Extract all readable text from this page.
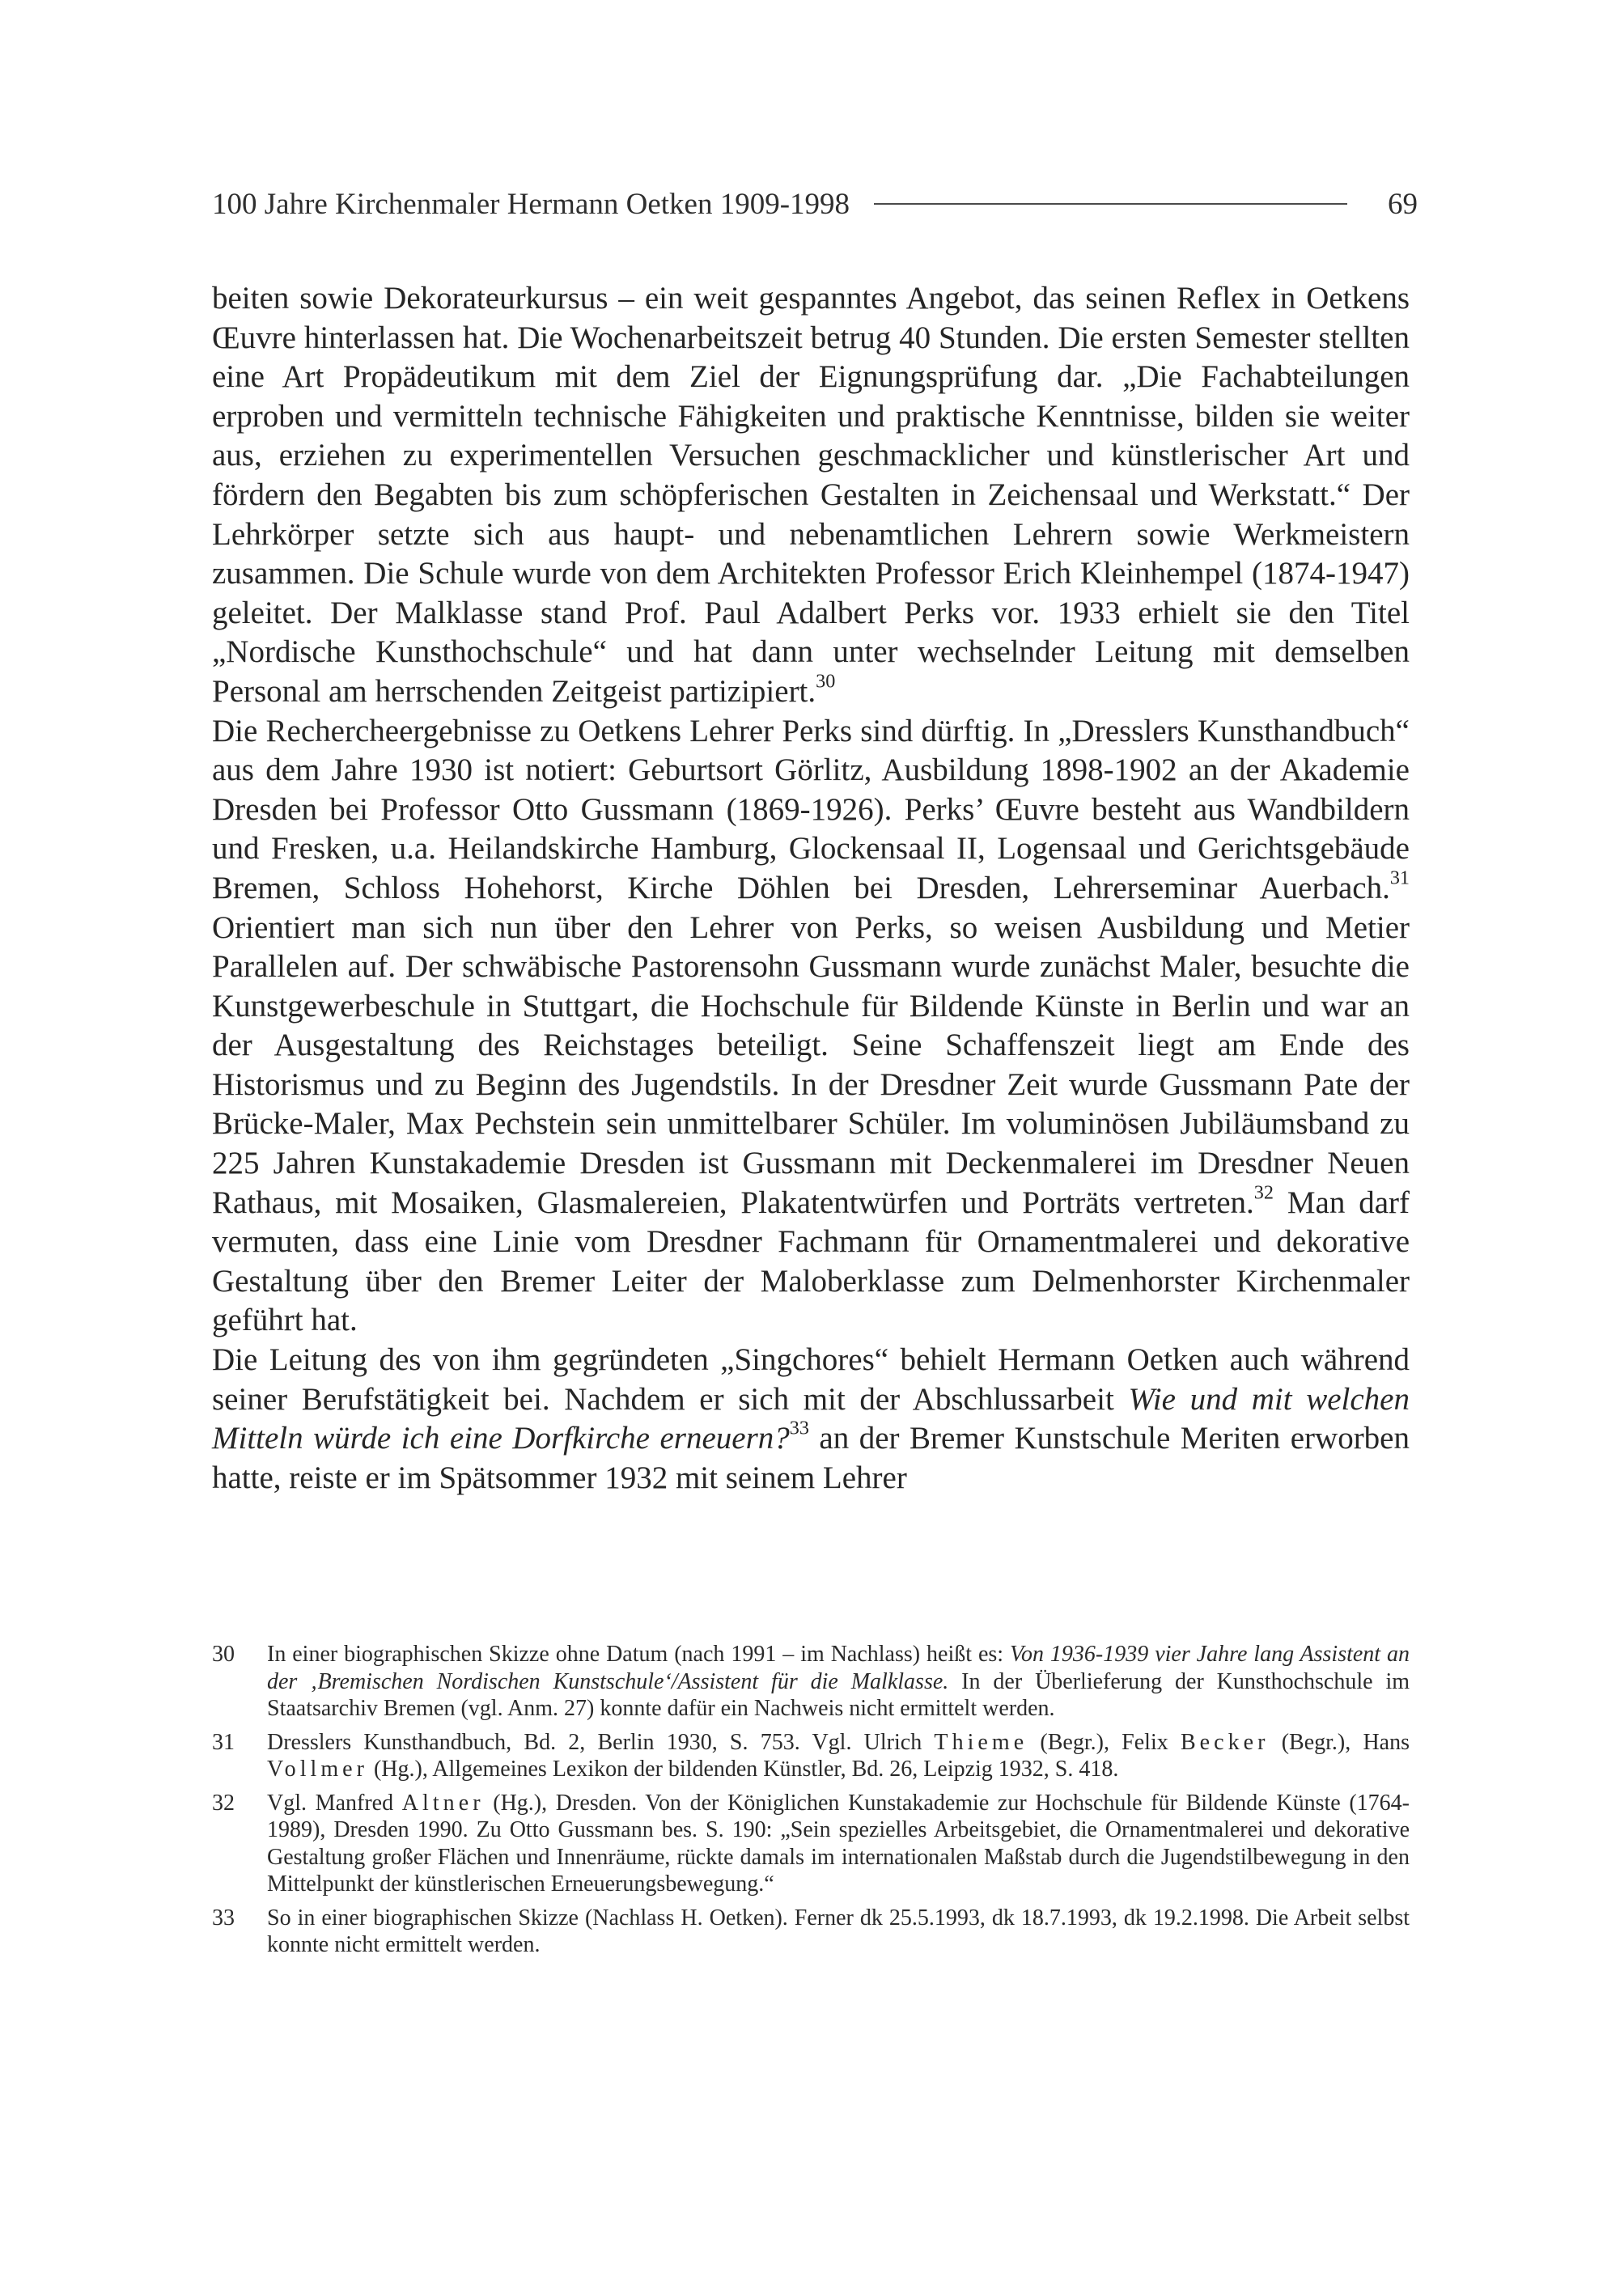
100 Jahre Kirchenmaler Hermann Oetken 1909-1998	69

beiten sowie Dekorateurkursus – ein weit gespanntes Angebot, das seinen Reflex in Oetkens Œuvre hinterlassen hat. Die Wochenarbeitszeit betrug 40 Stunden. Die ersten Semester stellten eine Art Propädeutikum mit dem Ziel der Eignungsprüfung dar. „Die Fachabteilungen erproben und vermitteln technische Fähigkeiten und praktische Kenntnisse, bilden sie weiter aus, erziehen zu experimentellen Versuchen geschmacklicher und künstlerischer Art und fördern den Begabten bis zum schöpferischen Gestalten in Zeichensaal und Werkstatt.“ Der Lehrkörper setzte sich aus haupt- und nebenamtlichen Lehrern sowie Werkmeistern zusammen. Die Schule wurde von dem Architekten Professor Erich Kleinhempel (1874-1947) geleitet. Der Malklasse stand Prof. Paul Adalbert Perks vor. 1933 erhielt sie den Titel „Nordische Kunsthochschule“ und hat dann unter wechselnder Leitung mit demselben Personal am herrschenden Zeitgeist partizipiert.$^{30}$

Die Rechercheergebnisse zu Oetkens Lehrer Perks sind dürftig. In „Dresslers Kunsthandbuch“ aus dem Jahre 1930 ist notiert: Geburtsort Görlitz, Ausbildung 1898-1902 an der Akademie Dresden bei Professor Otto Gussmann (1869-1926). Perks’ Œuvre besteht aus Wandbildern und Fresken, u.a. Heilandskirche Hamburg, Glockensaal II, Logensaal und Gerichtsgebäude Bremen, Schloss Hohehorst, Kirche Döhlen bei Dresden, Lehrerseminar Auerbach.$^{31}$ Orientiert man sich nun über den Lehrer von Perks, so weisen Ausbildung und Metier Parallelen auf. Der schwäbische Pastorensohn Gussmann wurde zunächst Maler, besuchte die Kunstgewerbeschule in Stuttgart, die Hochschule für Bildende Künste in Berlin und war an der Ausgestaltung des Reichstages beteiligt. Seine Schaffenszeit liegt am Ende des Historismus und zu Beginn des Jugendstils. In der Dresdner Zeit wurde Gussmann Pate der Brücke-Maler, Max Pechstein sein unmittelbarer Schüler. Im voluminösen Jubiläumsband zu 225 Jahren Kunstakademie Dresden ist Gussmann mit Deckenmalerei im Dresdner Neuen Rathaus, mit Mosaiken, Glasmalereien, Plakatentwürfen und Porträts vertreten.$^{32}$ Man darf vermuten, dass eine Linie vom Dresdner Fachmann für Ornamentmalerei und dekorative Gestaltung über den Bremer Leiter der Maloberklasse zum Delmenhorster Kirchenmaler geführt hat.

Die Leitung des von ihm gegründeten „Singchores“ behielt Hermann Oetken auch während seiner Berufstätigkeit bei. Nachdem er sich mit der Abschlussarbeit Wie und mit welchen Mitteln würde ich eine Dorfkirche erneuern?$^{33}$ an der Bremer Kunstschule Meriten erworben hatte, reiste er im Spätsommer 1932 mit seinem Lehrer

30	In einer biographischen Skizze ohne Datum (nach 1991 – im Nachlass) heißt es: Von 1936-1939 vier Jahre lang Assistent an der ‚Bremischen Nordischen Kunstschule‘/Assistent für die Malklasse. In der Überlieferung der Kunsthochschule im Staatsarchiv Bremen (vgl. Anm. 27) konnte dafür ein Nachweis nicht ermittelt werden.
31	Dresslers Kunsthandbuch, Bd. 2, Berlin 1930, S. 753. Vgl. Ulrich Thieme (Begr.), Felix Becker (Begr.), Hans Vollmer (Hg.), Allgemeines Lexikon der bildenden Künstler, Bd. 26, Leipzig 1932, S. 418.
32	Vgl. Manfred Altner (Hg.), Dresden. Von der Königlichen Kunstakademie zur Hochschule für Bildende Künste (1764-1989), Dresden 1990. Zu Otto Gussmann bes. S. 190: „Sein spezielles Arbeitsgebiet, die Ornamentmalerei und dekorative Gestaltung großer Flächen und Innenräume, rückte damals im internationalen Maßstab durch die Jugendstilbewegung in den Mittelpunkt der künstlerischen Erneuerungsbewegung.“
33	So in einer biographischen Skizze (Nachlass H. Oetken). Ferner dk 25.5.1993, dk 18.7.1993, dk 19.2.1998. Die Arbeit selbst konnte nicht ermittelt werden.
